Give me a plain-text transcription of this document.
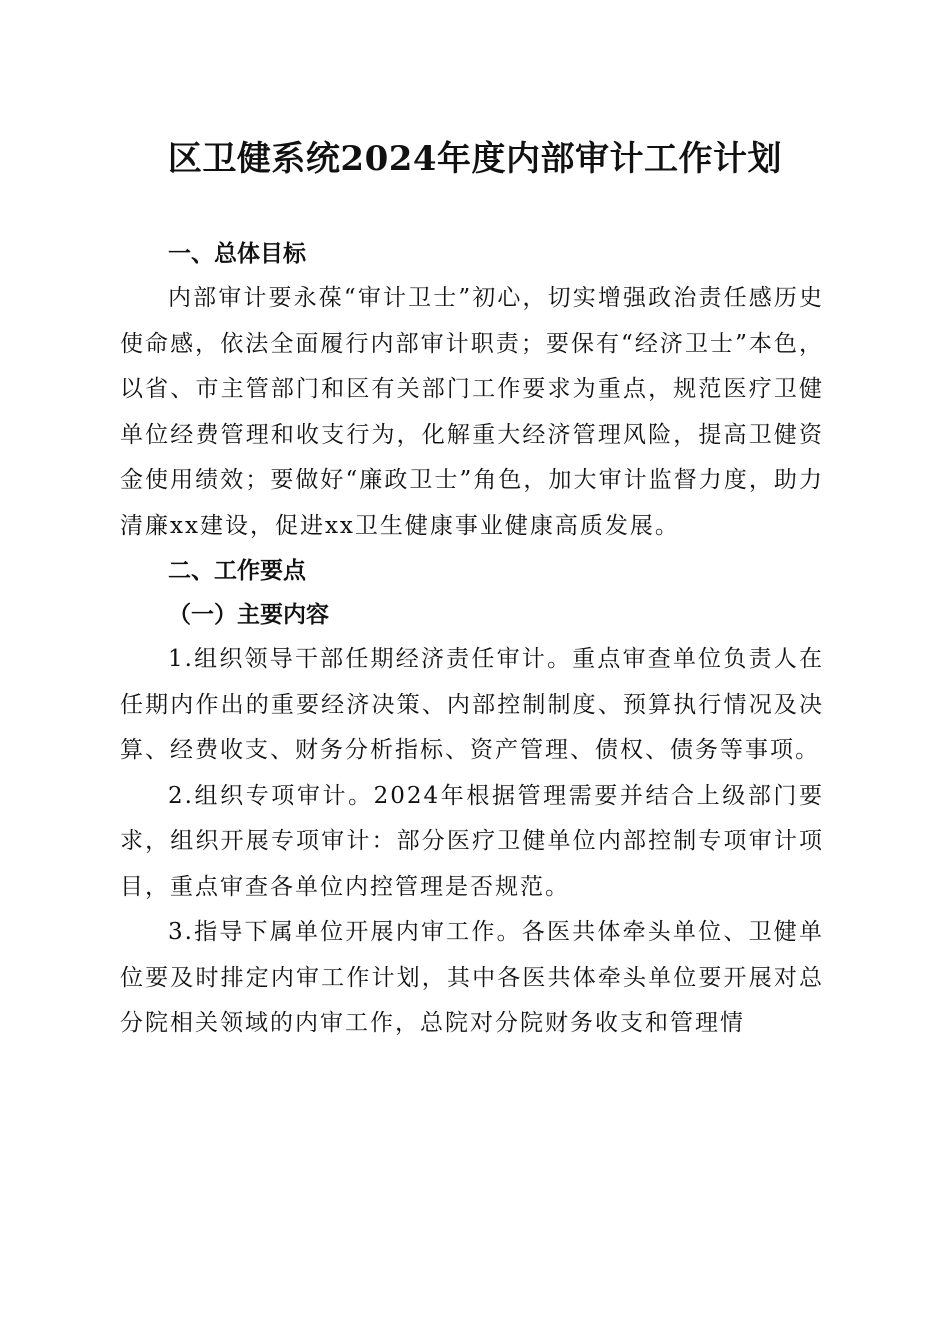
区卫健系统2024年度内部审计工作计划

一、总体目标

内部审计要永葆“审计卫士”初心，切实增强政治责任感历史使命感，依法全面履行内部审计职责；要保有“经济卫士”本色，以省、市主管部门和区有关部门工作要求为重点，规范医疗卫健单位经费管理和收支行为，化解重大经济管理风险，提高卫健资金使用绩效；要做好“廉政卫士”角色，加大审计监督力度，助力清廉xx建设，促进xx卫生健康事业健康高质发展。

二、工作要点

（一）主要内容

1.组织领导干部任期经济责任审计。重点审查单位负责人在任期内作出的重要经济决策、内部控制制度、预算执行情况及决算、经费收支、财务分析指标、资产管理、债权、债务等事项。

2.组织专项审计。2024年根据管理需要并结合上级部门要求，组织开展专项审计：部分医疗卫健单位内部控制专项审计项目，重点审查各单位内控管理是否规范。

3.指导下属单位开展内审工作。各医共体牵头单位、卫健单位要及时排定内审工作计划，其中各医共体牵头单位要开展对总分院相关领域的内审工作，总院对分院财务收支和管理情
